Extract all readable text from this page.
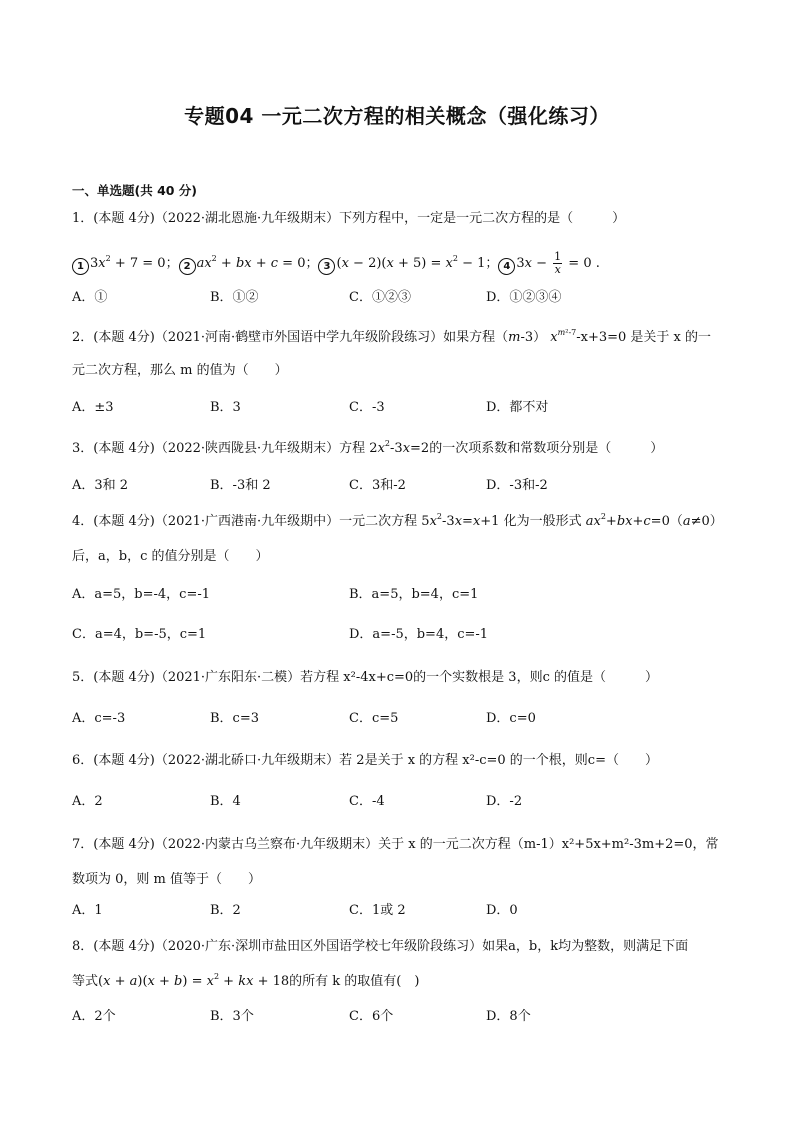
专题04 一元二次方程的相关概念（强化练习）
一、单选题(共 40 分)
1．(本题 4分)（2022·湖北恩施·九年级期末）下列方程中，一定是一元二次方程的是（　　　）
1 $3x^2 + 7 = 0$； 2 $ax^2$ + bx + c = 0； 3 $(x - 2)(x + 5) = x^2 - 1$； 4 $3x - \frac{1}{x} = 0$ .
A．①	B．①②	C．①②③	D．①②③④
2．(本题 4分)（2021·河南·鹤壁市外国语中学九年级阶段练习）如果方程（m-3） $x^{m^2-7}-x+3=0$ 是关于 x 的一
元二次方程，那么 m 的值为（　　）
A．±3	B．3	C．-3	D．都不对
3．(本题 4分)（2022·陕西陇县·九年级期末）方程 $2x^2-3x=2$的一次项系数和常数项分别是（　　　）
A．3和 2	B．-3和 2	C．3和-2	D．-3和-2
4．(本题 4分)（2021·广西港南·九年级期中）一元二次方程 $5x^2-3x=x+1$ 化为一般形式 $ax^2+bx+c=0(a\ne 0)$
后，a，b，c 的值分别是（　　）
A．a=5，b=-4，c=-1	B．a=5，b=4，c=1
C．a=4，b=-5，c=1	D．a=-5，b=4，c=-1
5．(本题 4分)（2021·广东阳东·二模）若方程 x²-4x+c=0的一个实数根是 3，则c 的值是（　　　）
A．c=-3	B．c=3	C．c=5	D．c=0
6．(本题 4分)（2022·湖北硚口·九年级期末）若 2是关于 x 的方程 x²-c=0 的一个根，则c=（　　）
A．2	B．4	C．-4	D．-2
7．(本题 4分)（2022·内蒙古乌兰察布·九年级期末）关于 x 的一元二次方程（m-1）x²+5x+m²-3m+2=0，常
数项为 0，则 m 值等于（　　）
A．1	B．2	C．1或 2	D．0
8．(本题 4分)（2020·广东·深圳市盐田区外国语学校七年级阶段练习）如果a，b，k均为整数，则满足下面
等式$(x + a)(x + b) = x^2$ + kx + 18的所有 k 的取值有(　)
A．2个	B．3个	C．6个	D．8个
